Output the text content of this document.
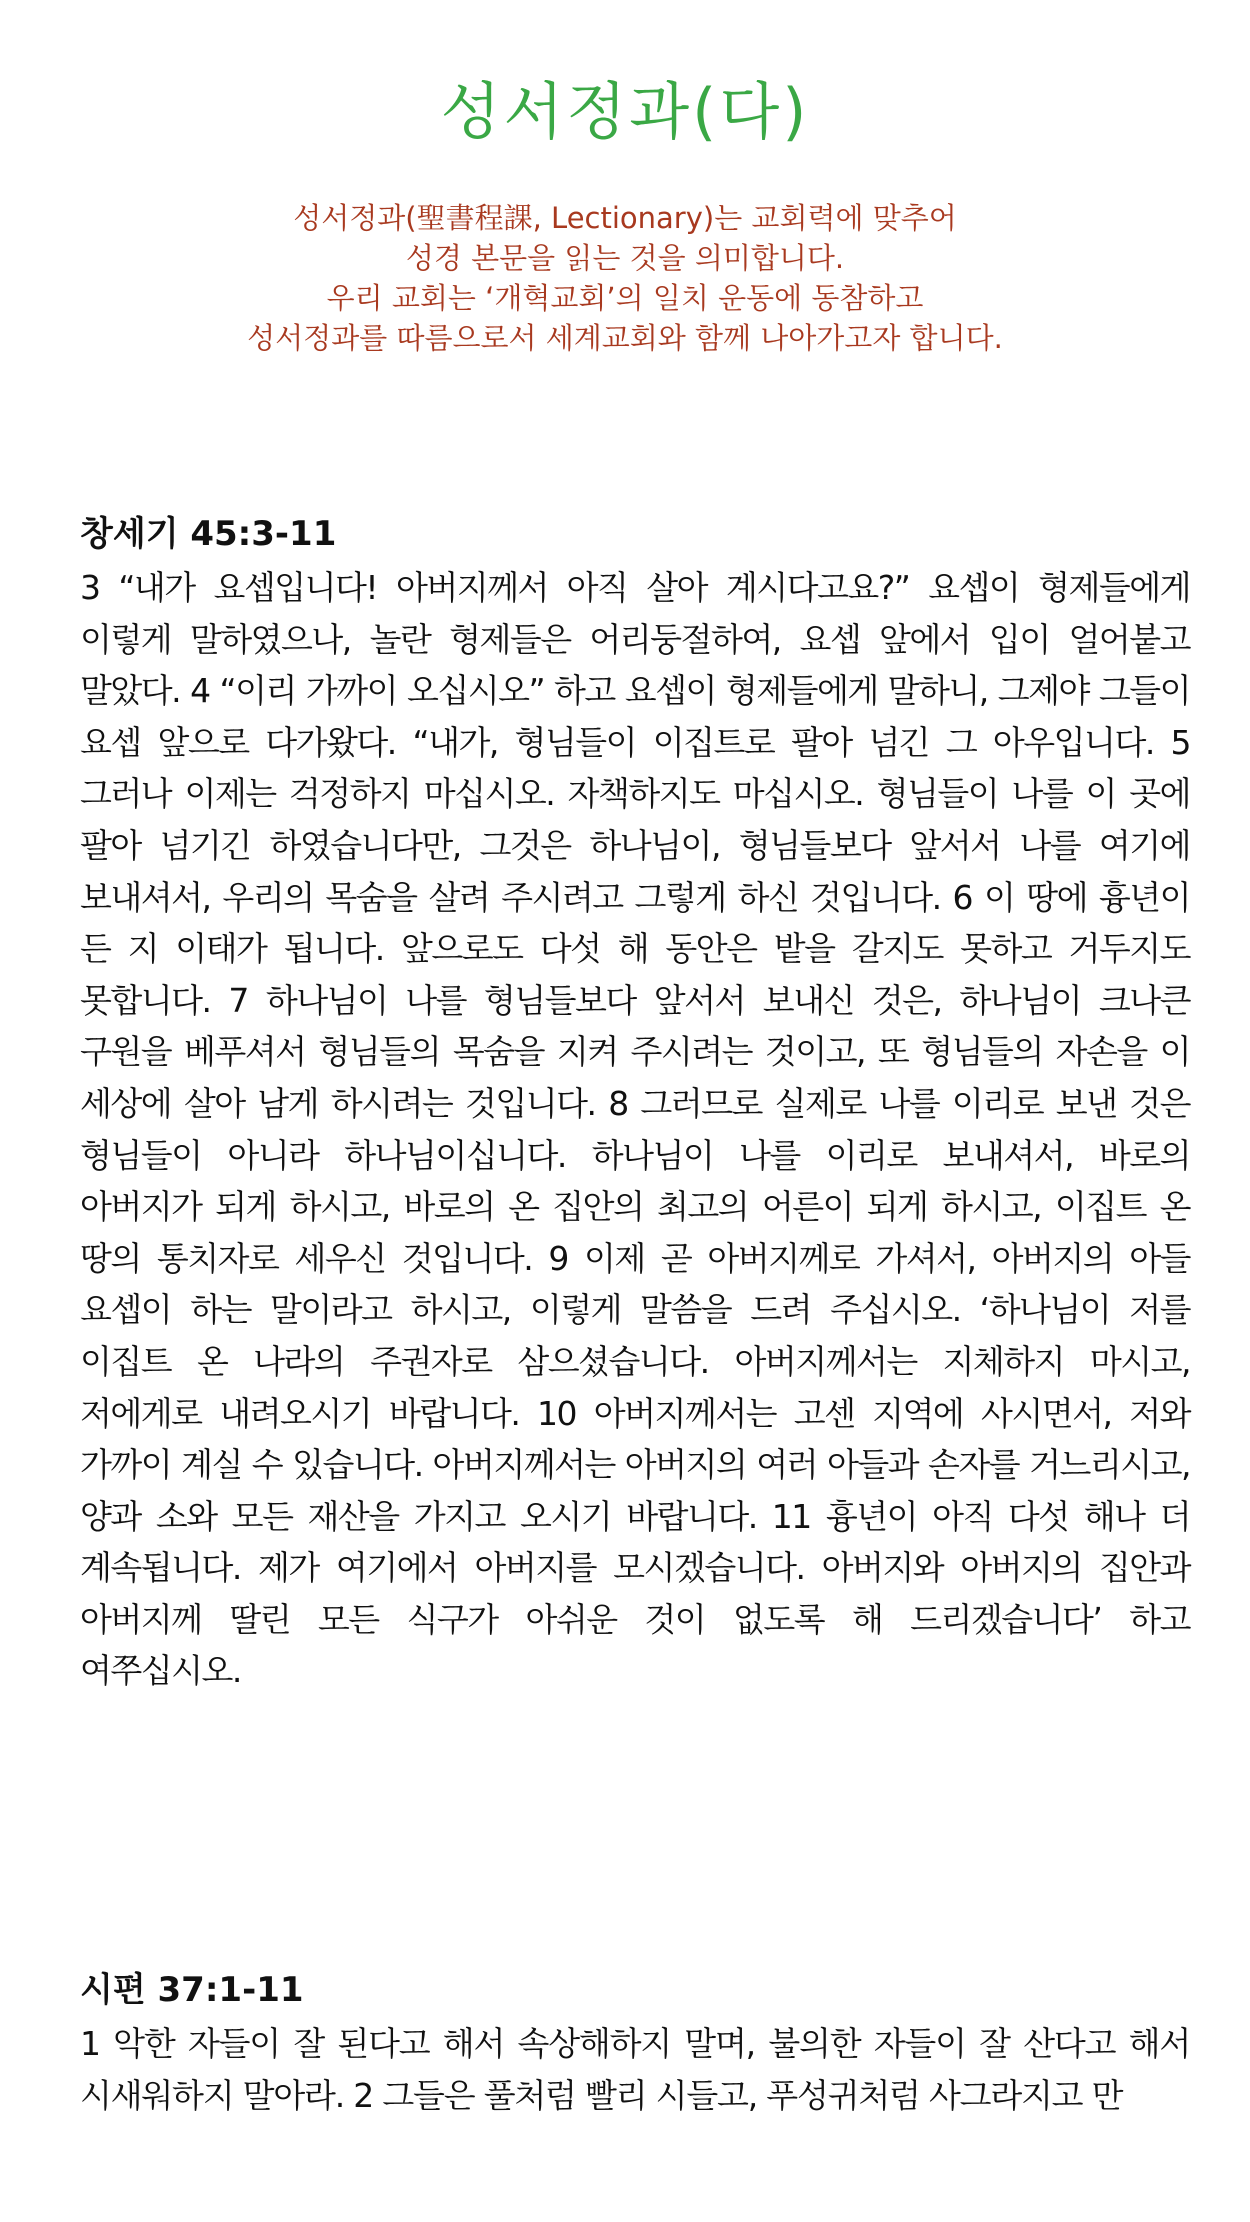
성서정과(다)

성서정과(聖書程課, Lectionary)는 교회력에 맞추어

성경 본문을 읽는 것을 의미합니다.

우리 교회는 ‘개혁교회’의 일치 운동에 동참하고

성서정과를 따름으로서 세계교회와 함께 나아가고자 합니다.

창세기 45:3-11

3 “내가 요셉입니다! 아버지께서 아직 살아 계시다고요?” 요셉이 형제들에게 이렇게 말하였으나, 놀란 형제들은 어리둥절하여, 요셉 앞에서 입이 얼어붙고 말았다. 4 “이리 가까이 오십시오” 하고 요셉이 형제들에게 말하니, 그제야 그들이 요셉 앞으로 다가왔다. “내가, 형님들이 이집트로 팔아 넘긴 그 아우입니다. 5 그러나 이제는 걱정하지 마십시오. 자책하지도 마십시오. 형님들이 나를 이 곳에 팔아 넘기긴 하였습니다만, 그것은 하나님이, 형님들보다 앞서서 나를 여기에 보내셔서, 우리의 목숨을 살려 주시려고 그렇게 하신 것입니다. 6 이 땅에 흉년이 든 지 이태가 됩니다. 앞으로도 다섯 해 동안은 밭을 갈지도 못하고 거두지도 못합니다. 7 하나님이 나를 형님들보다 앞서서 보내신 것은, 하나님이 크나큰 구원을 베푸셔서 형님들의 목숨을 지켜 주시려는 것이고, 또 형님들의 자손을 이 세상에 살아 남게 하시려는 것입니다. 8 그러므로 실제로 나를 이리로 보낸 것은 형님들이 아니라 하나님이십니다. 하나님이 나를 이리로 보내셔서, 바로의 아버지가 되게 하시고, 바로의 온 집안의 최고의 어른이 되게 하시고, 이집트 온 땅의 통치자로 세우신 것입니다. 9 이제 곧 아버지께로 가셔서, 아버지의 아들 요셉이 하는 말이라고 하시고, 이렇게 말씀을 드려 주십시오. ‘하나님이 저를 이집트 온 나라의 주권자로 삼으셨습니다. 아버지께서는 지체하지 마시고, 저에게로 내려오시기 바랍니다. 10 아버지께서는 고센 지역에 사시면서, 저와 가까이 계실 수 있습니다. 아버지께서는 아버지의 여러 아들과 손자를 거느리시고, 양과 소와 모든 재산을 가지고 오시기 바랍니다. 11 흉년이 아직 다섯 해나 더 계속됩니다. 제가 여기에서 아버지를 모시겠습니다. 아버지와 아버지의 집안과 아버지께 딸린 모든 식구가 아쉬운 것이 없도록 해 드리겠습니다’ 하고 여쭈십시오.

시편 37:1-11

1 악한 자들이 잘 된다고 해서 속상해하지 말며, 불의한 자들이 잘 산다고 해서 시새워하지 말아라. 2 그들은 풀처럼 빨리 시들고, 푸성귀처럼 사그라지고 만
